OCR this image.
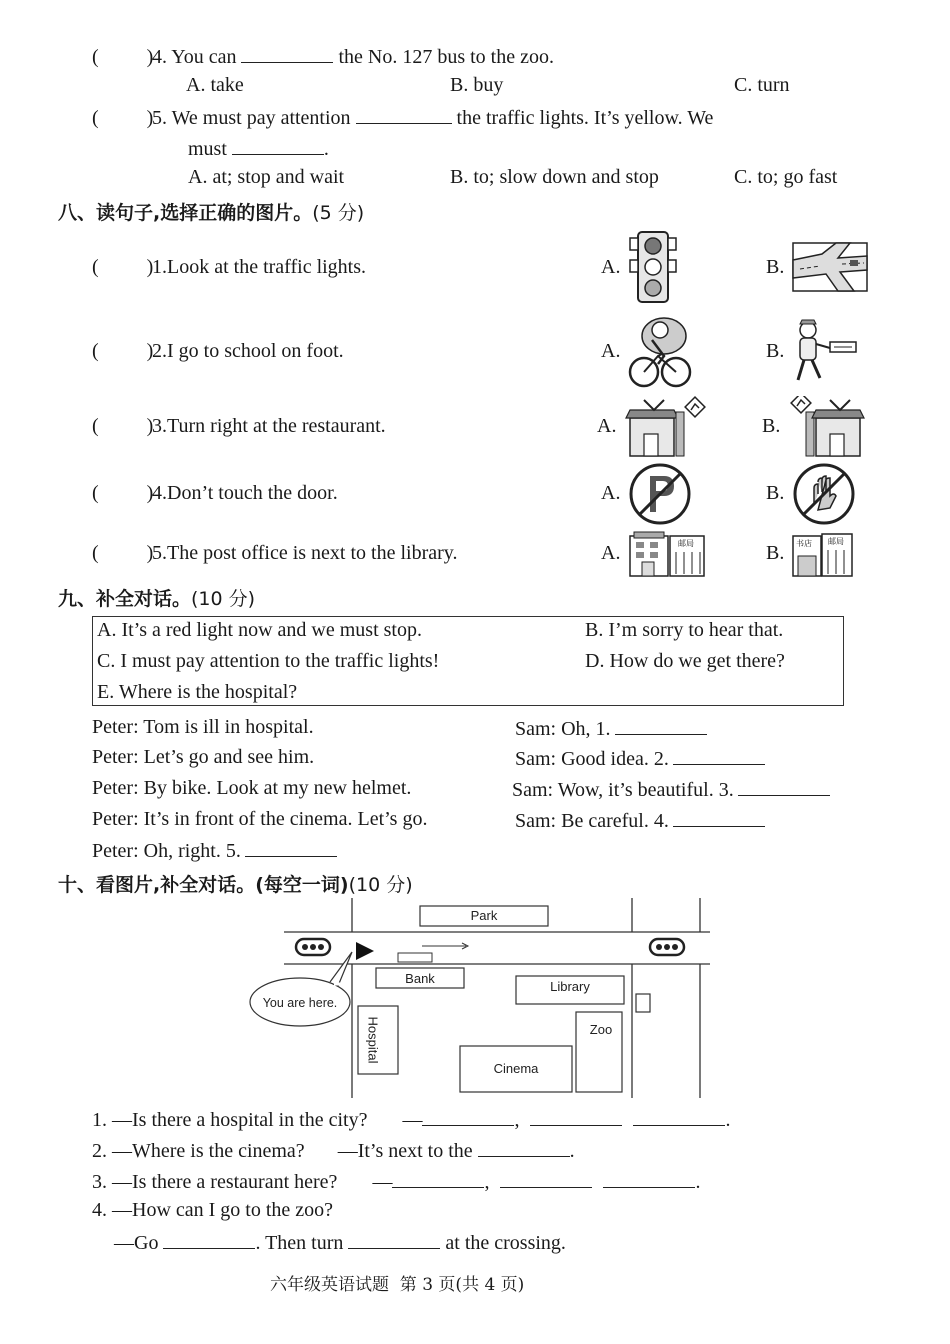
( )4. You can	the No. 127 bus to the zoo.
A. take	B. buy	C. turn
( )5. We must pay attention	the traffic lights. It’s yellow. We
must	.
A. at; stop and wait	B. to; slow down and stop	C. to; go fast
八、读句子,选择正确的图片。(5 分)
( )1.Look at the traffic lights.	A.	B.
( )2.I go to school on foot.	A.	B.
( )3.Turn right at the restaurant.	A.	B.
( )4.Don’t touch the door.	A.	B.
( )5.The post office is next to the library.	A.	邮局	B. 书店 邮局
九、补全对话。(10 分)
A. It’s a red light now and we must stop.	B. I’m sorry to hear that.
C. I must pay attention to the traffic lights!	D. How do we get there?
E. Where is the hospital?
Peter: Tom is ill in hospital.	Sam: Oh, 1.
Peter: Let’s go and see him.	Sam: Good idea. 2.
Peter: By bike. Look at my new helmet.	Sam: Wow, it’s beautiful. 3.
Peter: It’s in front of the cinema. Let’s go.	Sam: Be careful. 4.
Peter: Oh, right. 5.
十、看图片,补全对话。(每空一词)(10 分)
Park
Bank
Library
Zoo
Hospital
Cinema
You are here.
1. —Is there a hospital in the city? —	,	.
2. —Where is the cinema? —It’s next to the	.
3. —Is there a restaurant here? —	,	.
4. —How can I go to the zoo?
—Go	. Then turn	at the crossing.
六年级英语试题  第 3 页(共 4 页)
